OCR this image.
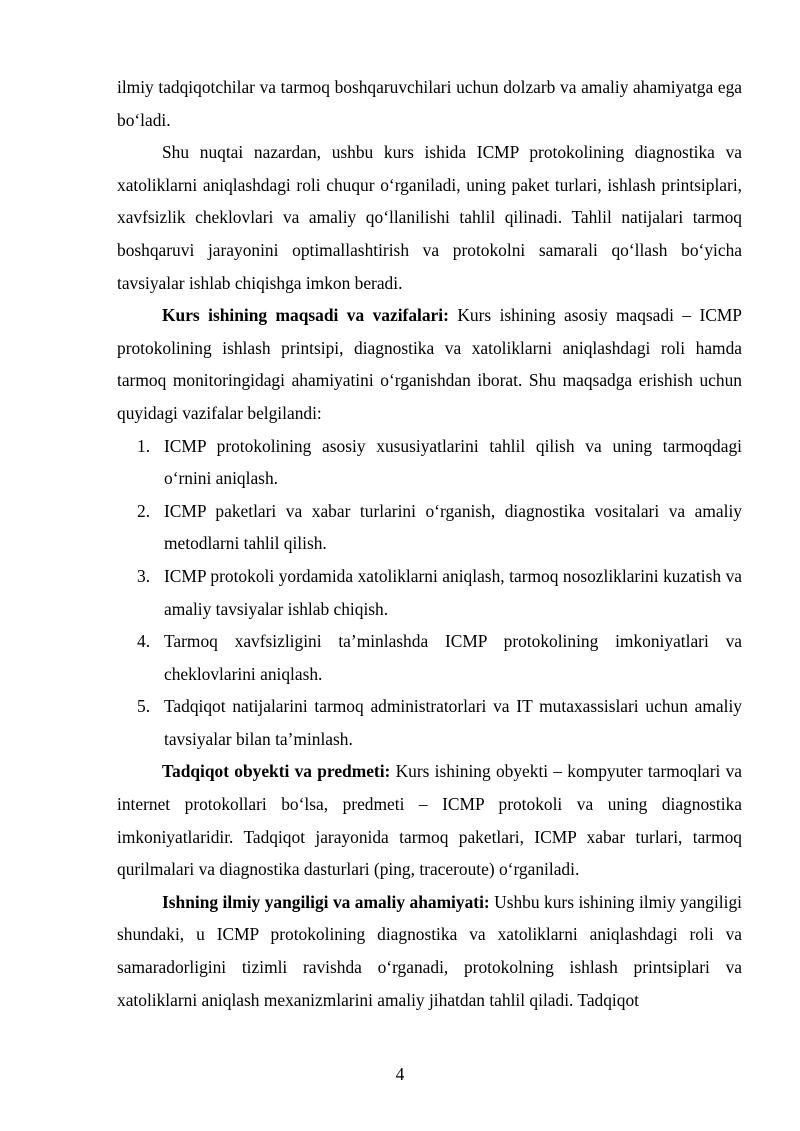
ilmiy tadqiqotchilar va tarmoq boshqaruvchilari uchun dolzarb va amaliy ahamiyatga ega bo‘ladi.

Shu nuqtai nazardan, ushbu kurs ishida ICMP protokolining diagnostika va xatoliklarni aniqlashdagi roli chuqur o‘rganiladi, uning paket turlari, ishlash printsiplari, xavfsizlik cheklovlari va amaliy qo‘llanilishi tahlil qilinadi. Tahlil natijalari tarmoq boshqaruvi jarayonini optimallashtirish va protokolni samarali qo‘llash bo‘yicha tavsiyalar ishlab chiqishga imkon beradi.

Kurs ishining maqsadi va vazifalari: Kurs ishining asosiy maqsadi – ICMP protokolining ishlash printsipi, diagnostika va xatoliklarni aniqlashdagi roli hamda tarmoq monitoringidagi ahamiyatini o‘rganishdan iborat. Shu maqsadga erishish uchun quyidagi vazifalar belgilandi:

1. ICMP protokolining asosiy xususiyatlarini tahlil qilish va uning tarmoqdagi o‘rnini aniqlash.
2. ICMP paketlari va xabar turlarini o‘rganish, diagnostika vositalari va amaliy metodlarni tahlil qilish.
3. ICMP protokoli yordamida xatoliklarni aniqlash, tarmoq nosozliklarini kuzatish va amaliy tavsiyalar ishlab chiqish.
4. Tarmoq xavfsizligini ta’minlashda ICMP protokolining imkoniyatlari va cheklovlarini aniqlash.
5. Tadqiqot natijalarini tarmoq administratorlari va IT mutaxassislari uchun amaliy tavsiyalar bilan ta’minlash.

Tadqiqot obyekti va predmeti: Kurs ishining obyekti – kompyuter tarmoqlari va internet protokollari bo‘lsa, predmeti – ICMP protokoli va uning diagnostika imkoniyatlaridir. Tadqiqot jarayonida tarmoq paketlari, ICMP xabar turlari, tarmoq qurilmalari va diagnostika dasturlari (ping, traceroute) o‘rganiladi.

Ishning ilmiy yangiligi va amaliy ahamiyati: Ushbu kurs ishining ilmiy yangiligi shundaki, u ICMP protokolining diagnostika va xatoliklarni aniqlashdagi roli va samaradorligini tizimli ravishda o‘rganadi, protokolning ishlash printsiplari va xatoliklarni aniqlash mexanizmlarini amaliy jihatdan tahlil qiladi. Tadqiqot

4
